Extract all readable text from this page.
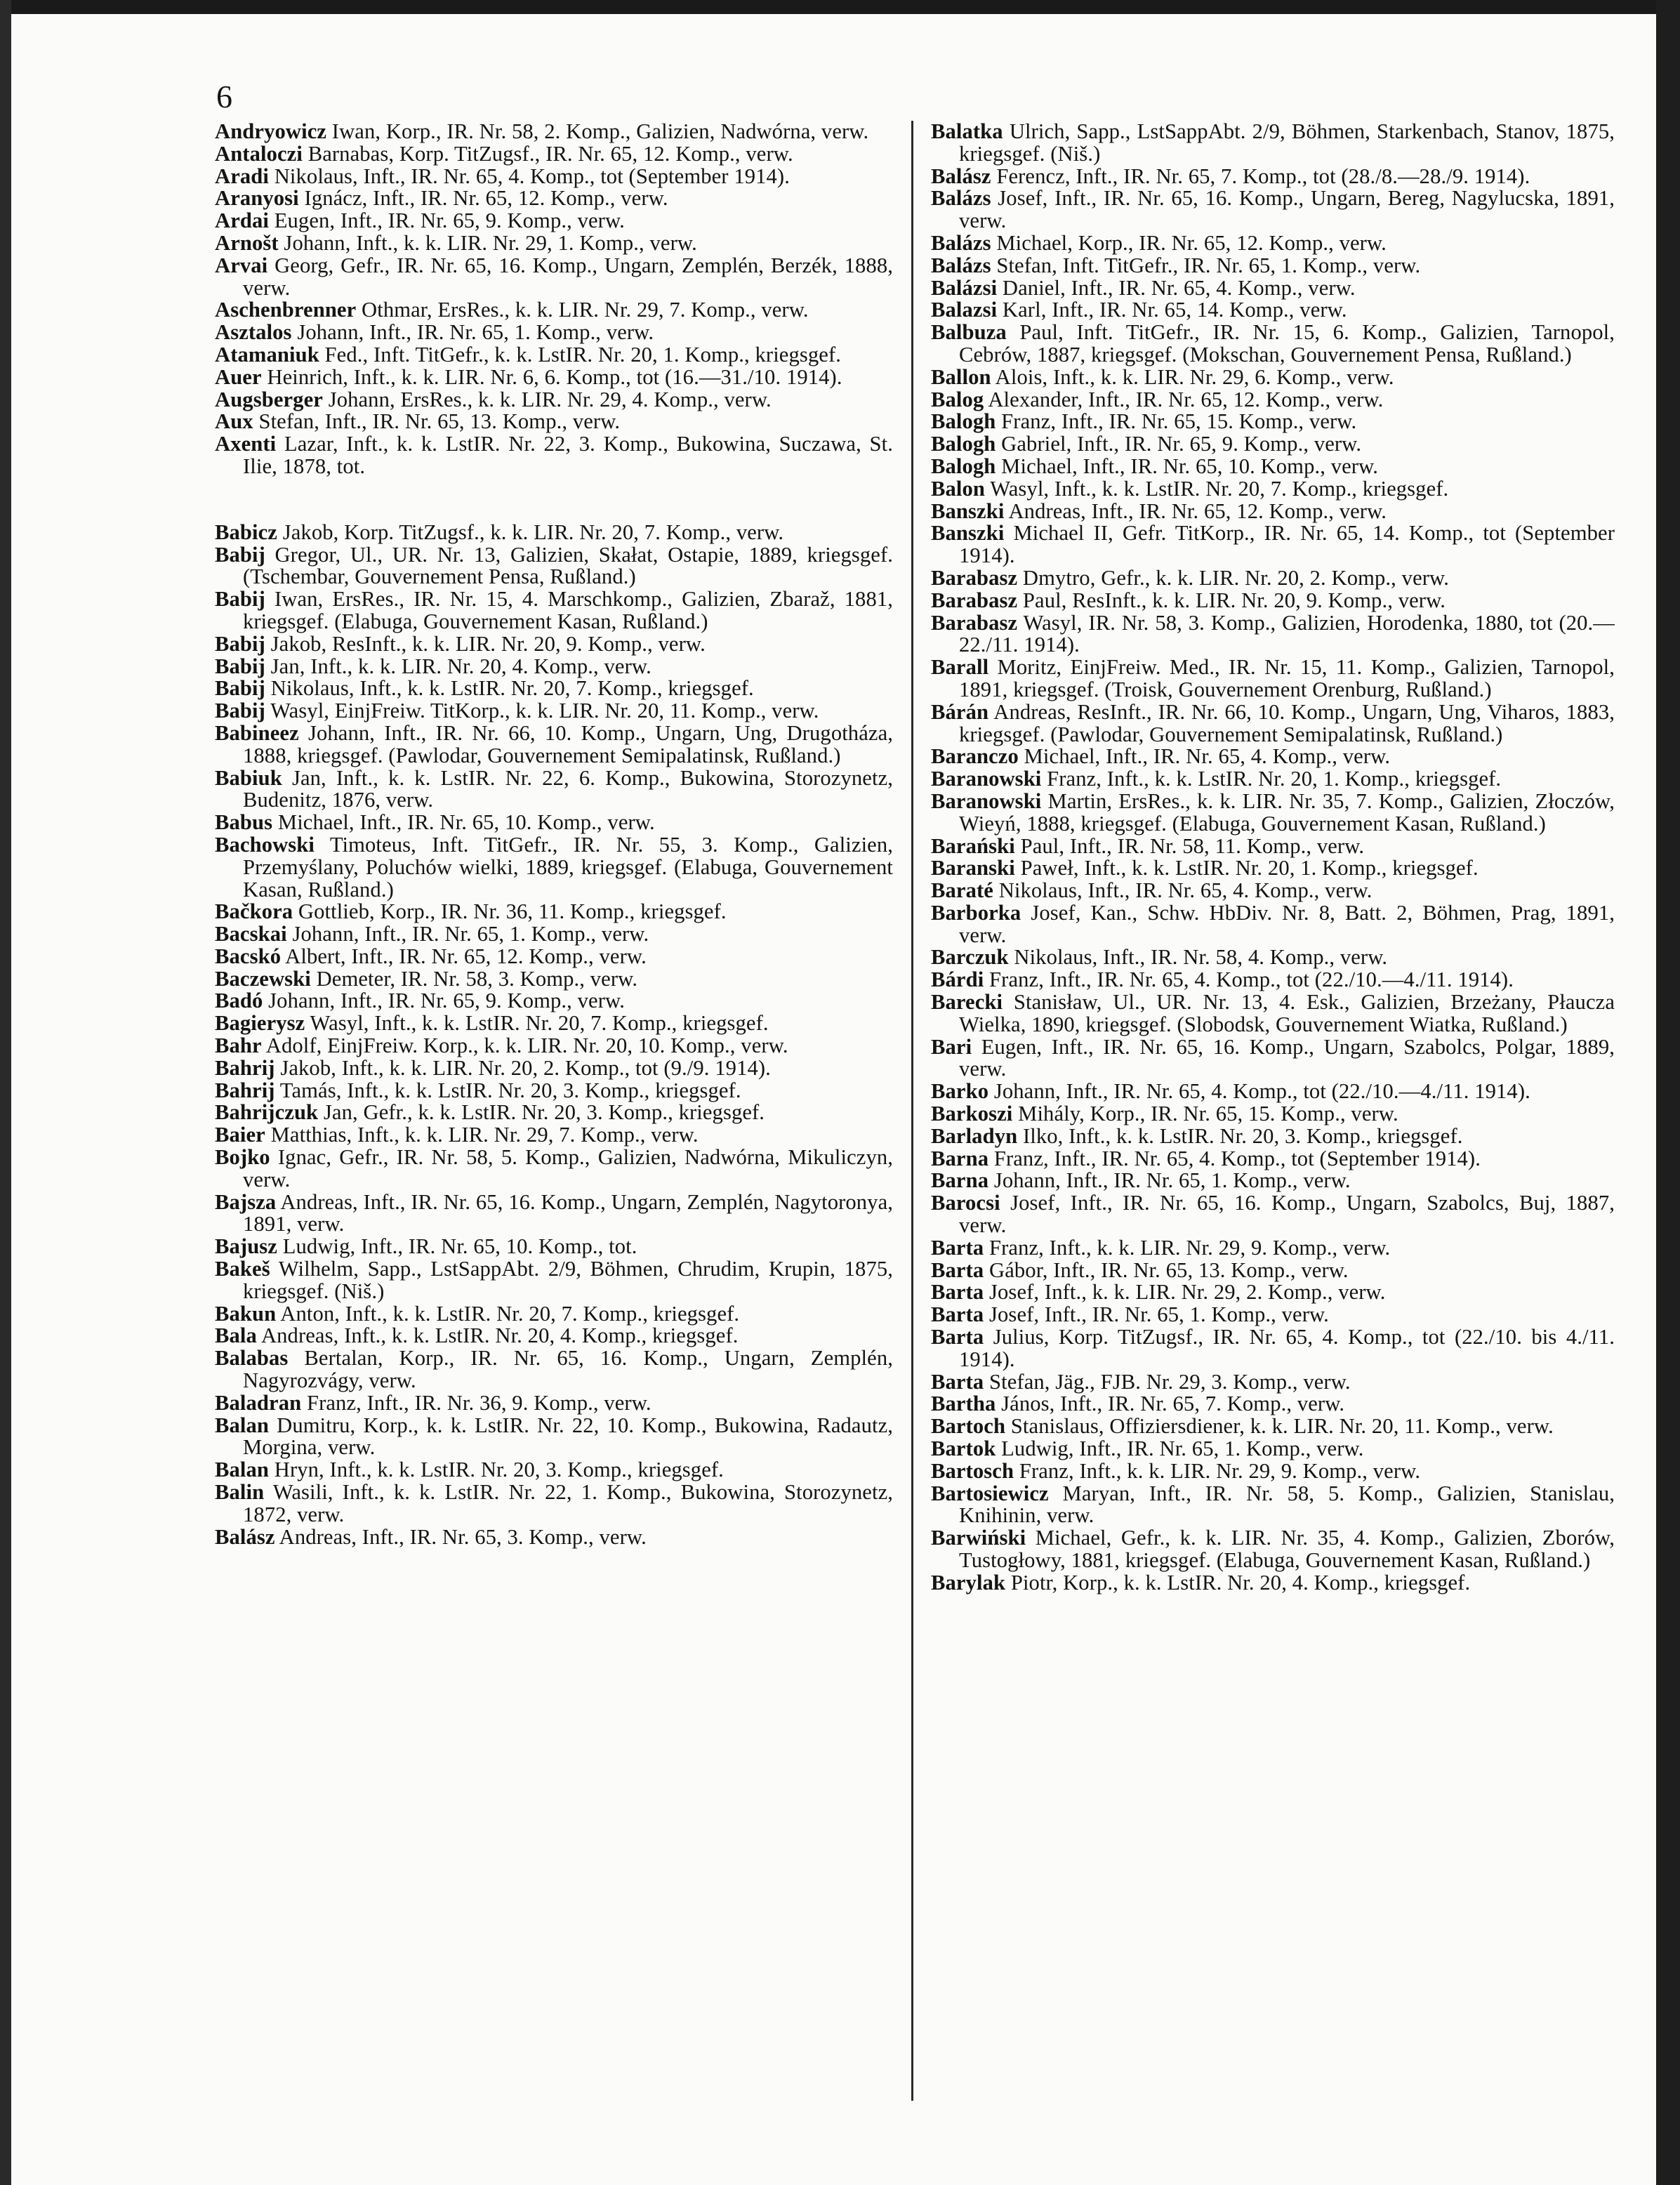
6

Andryowicz Iwan, Korp., IR. Nr. 58, 2. Komp., Galizien, Nadwórna, verw.

Antaloczi Barnabas, Korp. TitZugsf., IR. Nr. 65, 12. Komp., verw.

Aradi Nikolaus, Inft., IR. Nr. 65, 4. Komp., tot (September 1914).

Aranyosi Ignácz, Inft., IR. Nr. 65, 12. Komp., verw.

Ardai Eugen, Inft., IR. Nr. 65, 9. Komp., verw.

Arnošt Johann, Inft., k. k. LIR. Nr. 29, 1. Komp., verw.

Arvai Georg, Gefr., IR. Nr. 65, 16. Komp., Ungarn, Zemplén, Berzék, 1888, verw.

Aschenbrenner Othmar, ErsRes., k. k. LIR. Nr. 29, 7. Komp., verw.

Asztalos Johann, Inft., IR. Nr. 65, 1. Komp., verw.

Atamaniuk Fed., Inft. TitGefr., k. k. LstIR. Nr. 20, 1. Komp., kriegsgef.

Auer Heinrich, Inft., k. k. LIR. Nr. 6, 6. Komp., tot (16.—31./10. 1914).

Augsberger Johann, ErsRes., k. k. LIR. Nr. 29, 4. Komp., verw.

Aux Stefan, Inft., IR. Nr. 65, 13. Komp., verw.

Axenti Lazar, Inft., k. k. LstIR. Nr. 22, 3. Komp., Bukowina, Suczawa, St. Ilie, 1878, tot.

Babicz Jakob, Korp. TitZugsf., k. k. LIR. Nr. 20, 7. Komp., verw.

Babij Gregor, Ul., UR. Nr. 13, Galizien, Skałat, Ostapie, 1889, kriegsgef. (Tschembar, Gouvernement Pensa, Rußland.)

Babij Iwan, ErsRes., IR. Nr. 15, 4. Marschkomp., Galizien, Zbaraž, 1881, kriegsgef. (Elabuga, Gouvernement Kasan, Rußland.)

Babij Jakob, ResInft., k. k. LIR. Nr. 20, 9. Komp., verw.

Babij Jan, Inft., k. k. LIR. Nr. 20, 4. Komp., verw.

Babij Nikolaus, Inft., k. k. LstIR. Nr. 20, 7. Komp., kriegsgef.

Babij Wasyl, EinjFreiw. TitKorp., k. k. LIR. Nr. 20, 11. Komp., verw.

Babineez Johann, Inft., IR. Nr. 66, 10. Komp., Ungarn, Ung, Drugotháza, 1888, kriegsgef. (Pawlodar, Gouvernement Semipalatinsk, Rußland.)

Babiuk Jan, Inft., k. k. LstIR. Nr. 22, 6. Komp., Bukowina, Storozynetz, Budenitz, 1876, verw.

Babus Michael, Inft., IR. Nr. 65, 10. Komp., verw.

Bachowski Timoteus, Inft. TitGefr., IR. Nr. 55, 3. Komp., Galizien, Przemyślany, Poluchów wielki, 1889, kriegsgef. (Elabuga, Gouvernement Kasan, Rußland.)

Bačkora Gottlieb, Korp., IR. Nr. 36, 11. Komp., kriegsgef.

Bacskai Johann, Inft., IR. Nr. 65, 1. Komp., verw.

Bacskó Albert, Inft., IR. Nr. 65, 12. Komp., verw.

Baczewski Demeter, IR. Nr. 58, 3. Komp., verw.

Badó Johann, Inft., IR. Nr. 65, 9. Komp., verw.

Bagierysz Wasyl, Inft., k. k. LstIR. Nr. 20, 7. Komp., kriegsgef.

Bahr Adolf, EinjFreiw. Korp., k. k. LIR. Nr. 20, 10. Komp., verw.

Bahrij Jakob, Inft., k. k. LIR. Nr. 20, 2. Komp., tot (9./9. 1914).

Bahrij Tamás, Inft., k. k. LstIR. Nr. 20, 3. Komp., kriegsgef.

Bahrijczuk Jan, Gefr., k. k. LstIR. Nr. 20, 3. Komp., kriegsgef.

Baier Matthias, Inft., k. k. LIR. Nr. 29, 7. Komp., verw.

Bojko Ignac, Gefr., IR. Nr. 58, 5. Komp., Galizien, Nadwórna, Mikuliczyn, verw.

Bajsza Andreas, Inft., IR. Nr. 65, 16. Komp., Ungarn, Zemplén, Nagytoronya, 1891, verw.

Bajusz Ludwig, Inft., IR. Nr. 65, 10. Komp., tot.

Bakeš Wilhelm, Sapp., LstSappAbt. 2/9, Böhmen, Chrudim, Krupin, 1875, kriegsgef. (Niš.)

Bakun Anton, Inft., k. k. LstIR. Nr. 20, 7. Komp., kriegsgef.

Bala Andreas, Inft., k. k. LstIR. Nr. 20, 4. Komp., kriegsgef.

Balabas Bertalan, Korp., IR. Nr. 65, 16. Komp., Ungarn, Zemplén, Nagyrozvágy, verw.

Baladran Franz, Inft., IR. Nr. 36, 9. Komp., verw.

Balan Dumitru, Korp., k. k. LstIR. Nr. 22, 10. Komp., Bukowina, Radautz, Morgina, verw.

Balan Hryn, Inft., k. k. LstIR. Nr. 20, 3. Komp., kriegsgef.

Balin Wasili, Inft., k. k. LstIR. Nr. 22, 1. Komp., Bukowina, Storozynetz, 1872, verw.

Balász Andreas, Inft., IR. Nr. 65, 3. Komp., verw.

Balatka Ulrich, Sapp., LstSappAbt. 2/9, Böhmen, Starkenbach, Stanov, 1875, kriegsgef. (Niš.)

Balász Ferencz, Inft., IR. Nr. 65, 7. Komp., tot (28./8.—28./9. 1914).

Balázs Josef, Inft., IR. Nr. 65, 16. Komp., Ungarn, Bereg, Nagylucska, 1891, verw.

Balázs Michael, Korp., IR. Nr. 65, 12. Komp., verw.

Balázs Stefan, Inft. TitGefr., IR. Nr. 65, 1. Komp., verw.

Balázsi Daniel, Inft., IR. Nr. 65, 4. Komp., verw.

Balazsi Karl, Inft., IR. Nr. 65, 14. Komp., verw.

Balbuza Paul, Inft. TitGefr., IR. Nr. 15, 6. Komp., Galizien, Tarnopol, Cebrów, 1887, kriegsgef. (Mokschan, Gouvernement Pensa, Rußland.)

Ballon Alois, Inft., k. k. LIR. Nr. 29, 6. Komp., verw.

Balog Alexander, Inft., IR. Nr. 65, 12. Komp., verw.

Balogh Franz, Inft., IR. Nr. 65, 15. Komp., verw.

Balogh Gabriel, Inft., IR. Nr. 65, 9. Komp., verw.

Balogh Michael, Inft., IR. Nr. 65, 10. Komp., verw.

Balon Wasyl, Inft., k. k. LstIR. Nr. 20, 7. Komp., kriegsgef.

Banszki Andreas, Inft., IR. Nr. 65, 12. Komp., verw.

Banszki Michael II, Gefr. TitKorp., IR. Nr. 65, 14. Komp., tot (September 1914).

Barabasz Dmytro, Gefr., k. k. LIR. Nr. 20, 2. Komp., verw.

Barabasz Paul, ResInft., k. k. LIR. Nr. 20, 9. Komp., verw.

Barabasz Wasyl, IR. Nr. 58, 3. Komp., Galizien, Horodenka, 1880, tot (20.—22./11. 1914).

Barall Moritz, EinjFreiw. Med., IR. Nr. 15, 11. Komp., Galizien, Tarnopol, 1891, kriegsgef. (Troisk, Gouvernement Orenburg, Rußland.)

Bárán Andreas, ResInft., IR. Nr. 66, 10. Komp., Ungarn, Ung, Viharos, 1883, kriegsgef. (Pawlodar, Gouvernement Semipalatinsk, Rußland.)

Baranczo Michael, Inft., IR. Nr. 65, 4. Komp., verw.

Baranowski Franz, Inft., k. k. LstIR. Nr. 20, 1. Komp., kriegsgef.

Baranowski Martin, ErsRes., k. k. LIR. Nr. 35, 7. Komp., Galizien, Złoczów, Wieyń, 1888, kriegsgef. (Elabuga, Gouvernement Kasan, Rußland.)

Barański Paul, Inft., IR. Nr. 58, 11. Komp., verw.

Baranski Paweł, Inft., k. k. LstIR. Nr. 20, 1. Komp., kriegsgef.

Baraté Nikolaus, Inft., IR. Nr. 65, 4. Komp., verw.

Barborka Josef, Kan., Schw. HbDiv. Nr. 8, Batt. 2, Böhmen, Prag, 1891, verw.

Barczuk Nikolaus, Inft., IR. Nr. 58, 4. Komp., verw.

Bárdi Franz, Inft., IR. Nr. 65, 4. Komp., tot (22./10.—4./11. 1914).

Barecki Stanisław, Ul., UR. Nr. 13, 4. Esk., Galizien, Brzeżany, Płaucza Wielka, 1890, kriegsgef. (Slobodsk, Gouvernement Wiatka, Rußland.)

Bari Eugen, Inft., IR. Nr. 65, 16. Komp., Ungarn, Szabolcs, Polgar, 1889, verw.

Barko Johann, Inft., IR. Nr. 65, 4. Komp., tot (22./10.—4./11. 1914).

Barkoszi Mihály, Korp., IR. Nr. 65, 15. Komp., verw.

Barladyn Ilko, Inft., k. k. LstIR. Nr. 20, 3. Komp., kriegsgef.

Barna Franz, Inft., IR. Nr. 65, 4. Komp., tot (September 1914).

Barna Johann, Inft., IR. Nr. 65, 1. Komp., verw.

Barocsi Josef, Inft., IR. Nr. 65, 16. Komp., Ungarn, Szabolcs, Buj, 1887, verw.

Barta Franz, Inft., k. k. LIR. Nr. 29, 9. Komp., verw.

Barta Gábor, Inft., IR. Nr. 65, 13. Komp., verw.

Barta Josef, Inft., k. k. LIR. Nr. 29, 2. Komp., verw.

Barta Josef, Inft., IR. Nr. 65, 1. Komp., verw.

Barta Julius, Korp. TitZugsf., IR. Nr. 65, 4. Komp., tot (22./10. bis 4./11. 1914).

Barta Stefan, Jäg., FJB. Nr. 29, 3. Komp., verw.

Bartha János, Inft., IR. Nr. 65, 7. Komp., verw.

Bartoch Stanislaus, Offiziersdiener, k. k. LIR. Nr. 20, 11. Komp., verw.

Bartok Ludwig, Inft., IR. Nr. 65, 1. Komp., verw.

Bartosch Franz, Inft., k. k. LIR. Nr. 29, 9. Komp., verw.

Bartosiewicz Maryan, Inft., IR. Nr. 58, 5. Komp., Galizien, Stanislau, Knihinin, verw.

Barwiński Michael, Gefr., k. k. LIR. Nr. 35, 4. Komp., Galizien, Zborów, Tustogłowy, 1881, kriegsgef. (Elabuga, Gouvernement Kasan, Rußland.)

Barylak Piotr, Korp., k. k. LstIR. Nr. 20, 4. Komp., kriegsgef.
